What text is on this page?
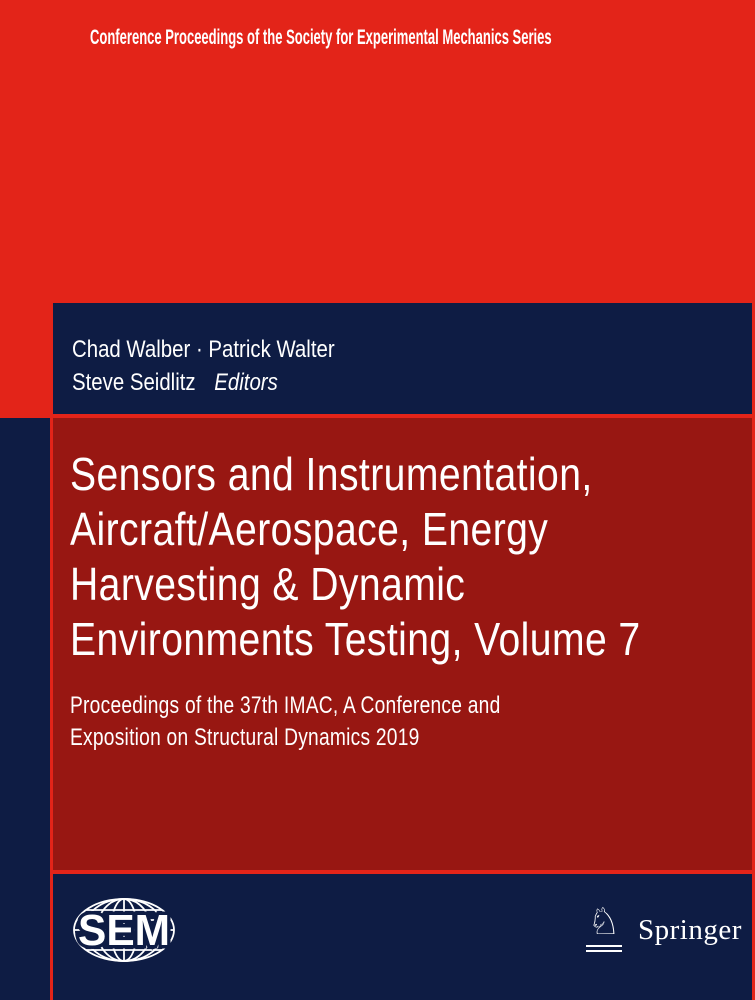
Conference Proceedings of the Society for Experimental Mechanics Series
Chad Walber · Patrick Walter
Steve Seidlitz Editors
Sensors and Instrumentation,
Aircraft/Aerospace, Energy
Harvesting & Dynamic
Environments Testing, Volume 7
Proceedings of the 37th IMAC, A Conference and
Exposition on Structural Dynamics 2019
SEM	♘ Springer
